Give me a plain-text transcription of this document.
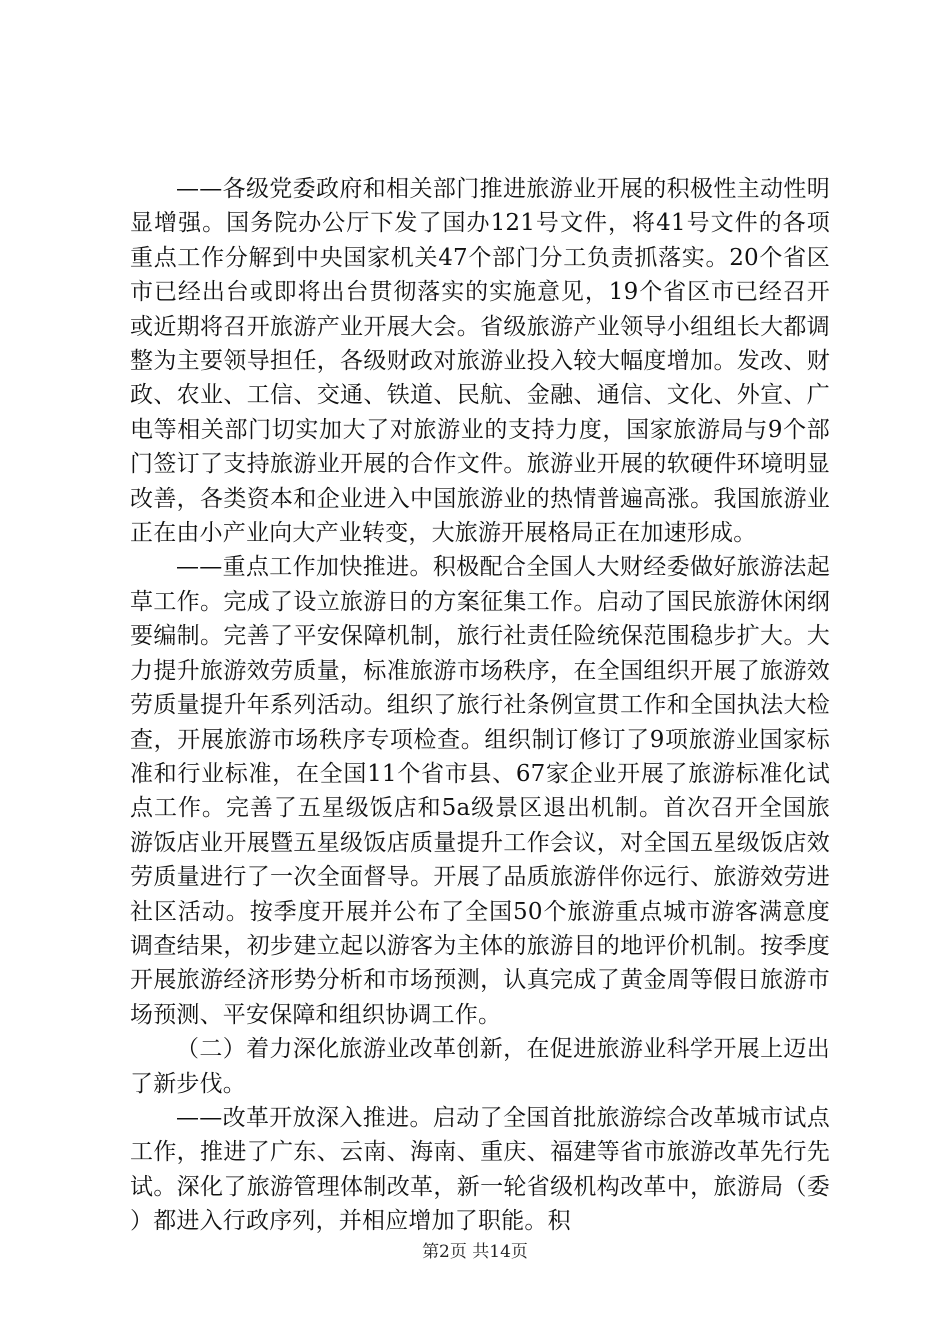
——各级党委政府和相关部门推进旅游业开展的积极性主动性明显增强。国务院办公厅下发了国办121号文件，将41号文件的各项重点工作分解到中央国家机关47个部门分工负责抓落实。20个省区市已经出台或即将出台贯彻落实的实施意见，19个省区市已经召开或近期将召开旅游产业开展大会。省级旅游产业领导小组组长大都调整为主要领导担任，各级财政对旅游业投入较大幅度增加。发改、财政、农业、工信、交通、铁道、民航、金融、通信、文化、外宣、广电等相关部门切实加大了对旅游业的支持力度，国家旅游局与9个部门签订了支持旅游业开展的合作文件。旅游业开展的软硬件环境明显改善，各类资本和企业进入中国旅游业的热情普遍高涨。我国旅游业正在由小产业向大产业转变，大旅游开展格局正在加速形成。

——重点工作加快推进。积极配合全国人大财经委做好旅游法起草工作。完成了设立旅游日的方案征集工作。启动了国民旅游休闲纲要编制。完善了平安保障机制，旅行社责任险统保范围稳步扩大。大力提升旅游效劳质量，标准旅游市场秩序，在全国组织开展了旅游效劳质量提升年系列活动。组织了旅行社条例宣贯工作和全国执法大检查，开展旅游市场秩序专项检查。组织制订修订了9项旅游业国家标准和行业标准，在全国11个省市县、67家企业开展了旅游标准化试点工作。完善了五星级饭店和5a级景区退出机制。首次召开全国旅游饭店业开展暨五星级饭店质量提升工作会议，对全国五星级饭店效劳质量进行了一次全面督导。开展了品质旅游伴你远行、旅游效劳进社区活动。按季度开展并公布了全国50个旅游重点城市游客满意度调查结果，初步建立起以游客为主体的旅游目的地评价机制。按季度开展旅游经济形势分析和市场预测，认真完成了黄金周等假日旅游市场预测、平安保障和组织协调工作。

（二）着力深化旅游业改革创新，在促进旅游业科学开展上迈出了新步伐。

——改革开放深入推进。启动了全国首批旅游综合改革城市试点工作，推进了广东、云南、海南、重庆、福建等省市旅游改革先行先试。深化了旅游管理体制改革，新一轮省级机构改革中，旅游局（委）都进入行政序列，并相应增加了职能。积

第2页 共14页
